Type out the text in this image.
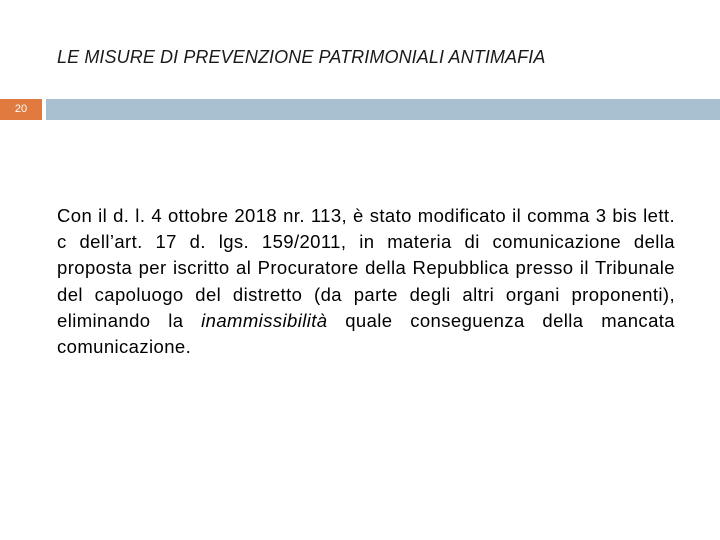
LE MISURE DI PREVENZIONE PATRIMONIALI ANTIMAFIA
20
Con il d. l. 4 ottobre 2018 nr. 113, è stato modificato il comma 3 bis lett. c dell’art. 17 d. lgs. 159/2011, in materia di comunicazione della proposta per iscritto al Procuratore della Repubblica presso il Tribunale del capoluogo del distretto (da parte degli altri organi proponenti), eliminando la inammissibilità quale conseguenza della mancata comunicazione.
